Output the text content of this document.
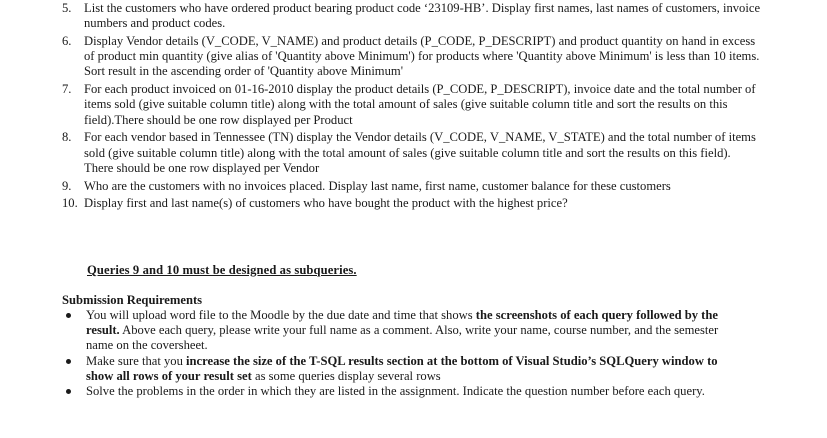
5. List the customers who have ordered product bearing product code ‘23109-HB’. Display first names, last names of customers, invoice numbers and product codes.
6. Display Vendor details (V_CODE, V_NAME) and product details (P_CODE, P_DESCRIPT) and product quantity on hand in excess of product min quantity (give alias of 'Quantity above Minimum') for products where 'Quantity above Minimum' is less than 10 items. Sort result in the ascending order of 'Quantity above Minimum'
7. For each product invoiced on 01-16-2010 display the product details (P_CODE, P_DESCRIPT), invoice date and the total number of items sold (give suitable column title) along with the total amount of sales (give suitable column title and sort the results on this field).There should be one row displayed per Product
8. For each vendor based in Tennessee (TN) display the Vendor details (V_CODE, V_NAME, V_STATE) and the total number of items sold (give suitable column title) along with the total amount of sales (give suitable column title and sort the results on this field). There should be one row displayed per Vendor
9. Who are the customers with no invoices placed. Display last name, first name, customer balance for these customers
10. Display first and last name(s) of customers who have bought the product with the highest price?
Queries 9 and 10 must be designed as subqueries.
Submission Requirements
You will upload word file to the Moodle by the due date and time that shows the screenshots of each query followed by the result. Above each query, please write your full name as a comment. Also, write your name, course number, and the semester name on the coversheet.
Make sure that you increase the size of the T-SQL results section at the bottom of Visual Studio’s SQLQuery window to show all rows of your result set as some queries display several rows
Solve the problems in the order in which they are listed in the assignment. Indicate the question number before each query.
